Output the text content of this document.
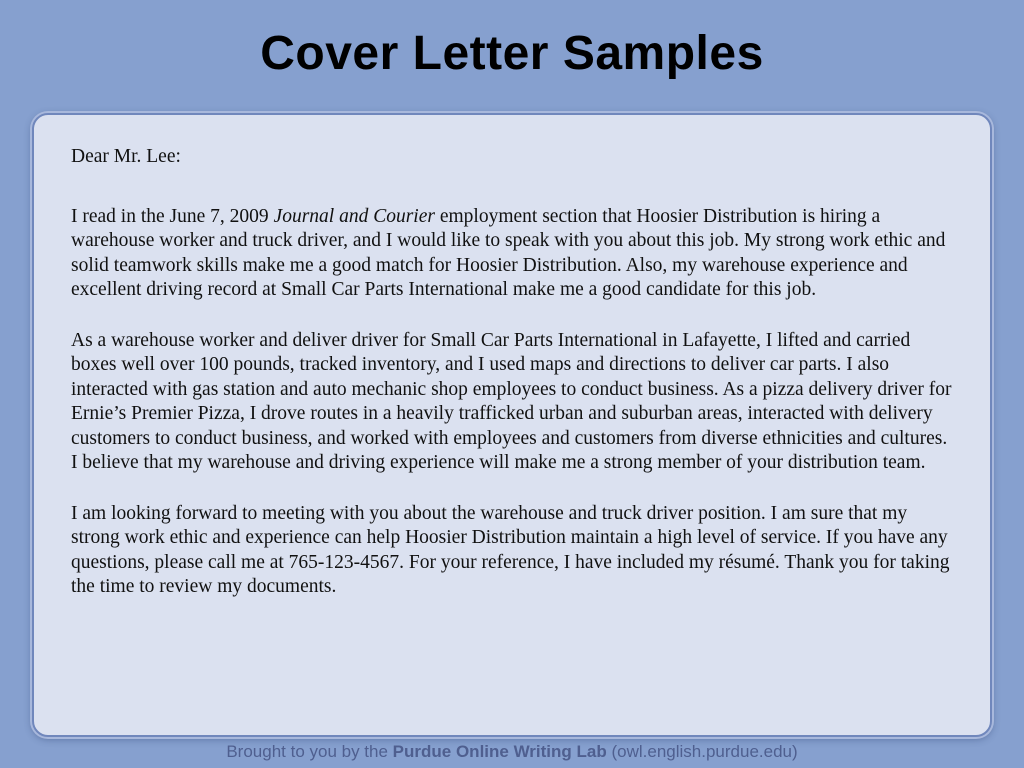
Cover Letter Samples

Dear Mr. Lee:

I read in the June 7, 2009 Journal and Courier employment section that Hoosier Distribution is hiring a warehouse worker and truck driver, and I would like to speak with you about this job. My strong work ethic and solid teamwork skills make me a good match for Hoosier Distribution. Also, my warehouse experience and excellent driving record at Small Car Parts International make me a good candidate for this job.

As a warehouse worker and deliver driver for Small Car Parts International in Lafayette, I lifted and carried boxes well over 100 pounds, tracked inventory, and I used maps and directions to deliver car parts. I also interacted with gas station and auto mechanic shop employees to conduct business. As a pizza delivery driver for Ernie’s Premier Pizza, I drove routes in a heavily trafficked urban and suburban areas, interacted with delivery customers to conduct business, and worked with employees and customers from diverse ethnicities and cultures. I believe that my warehouse and driving experience will make me a strong member of your distribution team.

I am looking forward to meeting with you about the warehouse and truck driver position. I am sure that my strong work ethic and experience can help Hoosier Distribution maintain a high level of service. If you have any questions, please call me at 765-123-4567. For your reference, I have included my résumé. Thank you for taking the time to review my documents.

Brought to you by the Purdue Online Writing Lab (owl.english.purdue.edu)
